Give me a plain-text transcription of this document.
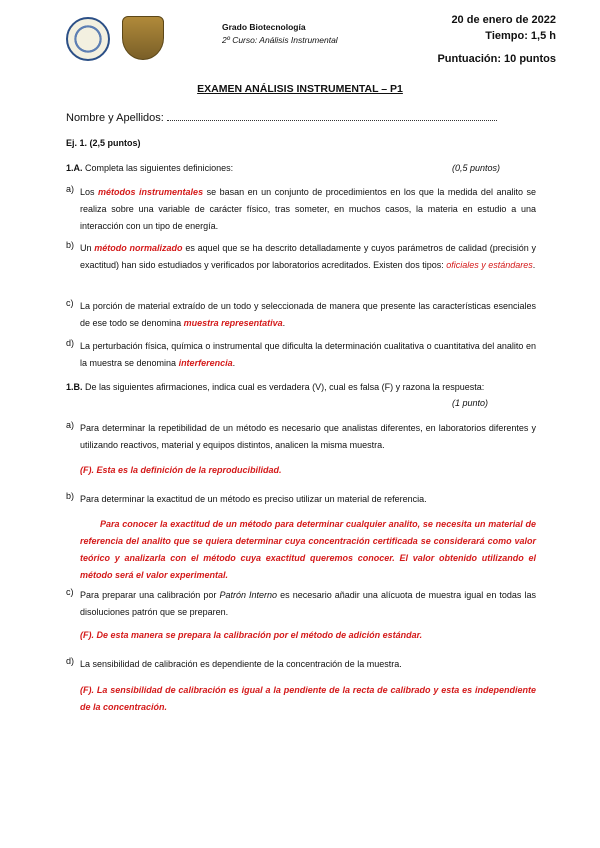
Grado Biotecnología
2º Curso: Análisis Instrumental
20 de enero de 2022
Tiempo: 1,5 h
Puntuación: 10 puntos
EXAMEN ANÁLISIS INSTRUMENTAL – P1
Nombre y Apellidos:
Ej. 1. (2,5 puntos)
1.A. Completa las siguientes definiciones:	(0,5 puntos)
a) Los métodos instrumentales se basan en un conjunto de procedimientos en los que la medida del analito se realiza sobre una variable de carácter físico, tras someter, en muchos casos, la materia en estudio a una interacción con un tipo de energía.
b) Un método normalizado es aquel que se ha descrito detalladamente y cuyos parámetros de calidad (precisión y exactitud) han sido estudiados y verificados por laboratorios acreditados. Existen dos tipos: oficiales y estándares.
c) La porción de material extraído de un todo y seleccionada de manera que presente las características esenciales de ese todo se denomina muestra representativa.
d) La perturbación física, química o instrumental que dificulta la determinación cualitativa o cuantitativa del analito en la muestra se denomina interferencia.
1.B. De las siguientes afirmaciones, indica cual es verdadera (V), cual es falsa (F) y razona la respuesta:
(1 punto)
a) Para determinar la repetibilidad de un método es necesario que analistas diferentes, en laboratorios diferentes y utilizando reactivos, material y equipos distintos, analicen la misma muestra.
(F). Esta es la definición de la reproducibilidad.
b) Para determinar la exactitud de un método es preciso utilizar un material de referencia.
Para conocer la exactitud de un método para determinar cualquier analito, se necesita un material de referencia del analito que se quiera determinar cuya concentración certificada se considerará como valor teórico y analizarla con el método cuya exactitud queremos conocer. El valor obtenido utilizando el método será el valor experimental.
c) Para preparar una calibración por Patrón Interno es necesario añadir una alícuota de muestra igual en todas las disoluciones patrón que se preparen.
(F). De esta manera se prepara la calibración por el método de adición estándar.
d) La sensibilidad de calibración es dependiente de la concentración de la muestra.
(F). La sensibilidad de calibración es igual a la pendiente de la recta de calibrado y esta es independiente de la concentración.
